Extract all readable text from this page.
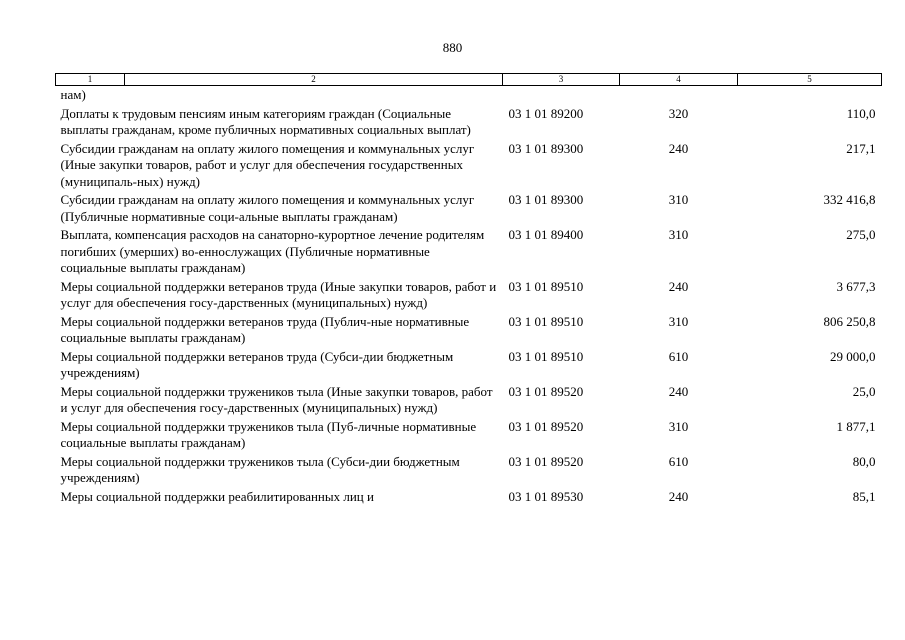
880
1	2	3	4	5
нам)				
Доплаты к трудовым пенсиям иным категориям граждан (Социальные выплаты гражданам, кроме публичных нормативных социальных выплат)		03 1 01 89200	320	110,0
Субсидии гражданам на оплату жилого помещения и коммунальных услуг (Иные закупки товаров, работ и услуг для обеспечения государственных (муниципаль-ных) нужд)		03 1 01 89300	240	217,1
Субсидии гражданам на оплату жилого помещения и коммунальных услуг (Публичные нормативные соци-альные выплаты гражданам)		03 1 01 89300	310	332 416,8
Выплата, компенсация расходов на санаторно-курортное лечение родителям погибших (умерших) во-еннослужащих (Публичные нормативные социальные выплаты гражданам)		03 1 01 89400	310	275,0
Меры социальной поддержки ветеранов труда (Иные закупки товаров, работ и услуг для обеспечения госу-дарственных (муниципальных) нужд)		03 1 01 89510	240	3 677,3
Меры социальной поддержки ветеранов труда (Публич-ные нормативные социальные выплаты гражданам)		03 1 01 89510	310	806 250,8
Меры социальной поддержки ветеранов труда (Субси-дии бюджетным учреждениям)		03 1 01 89510	610	29 000,0
Меры социальной поддержки тружеников тыла (Иные закупки товаров, работ и услуг для обеспечения госу-дарственных (муниципальных) нужд)		03 1 01 89520	240	25,0
Меры социальной поддержки тружеников тыла (Пуб-личные нормативные социальные выплаты гражданам)		03 1 01 89520	310	1 877,1
Меры социальной поддержки тружеников тыла (Субси-дии бюджетным учреждениям)		03 1 01 89520	610	80,0
Меры социальной поддержки реабилитированных лиц и		03 1 01 89530	240	85,1
